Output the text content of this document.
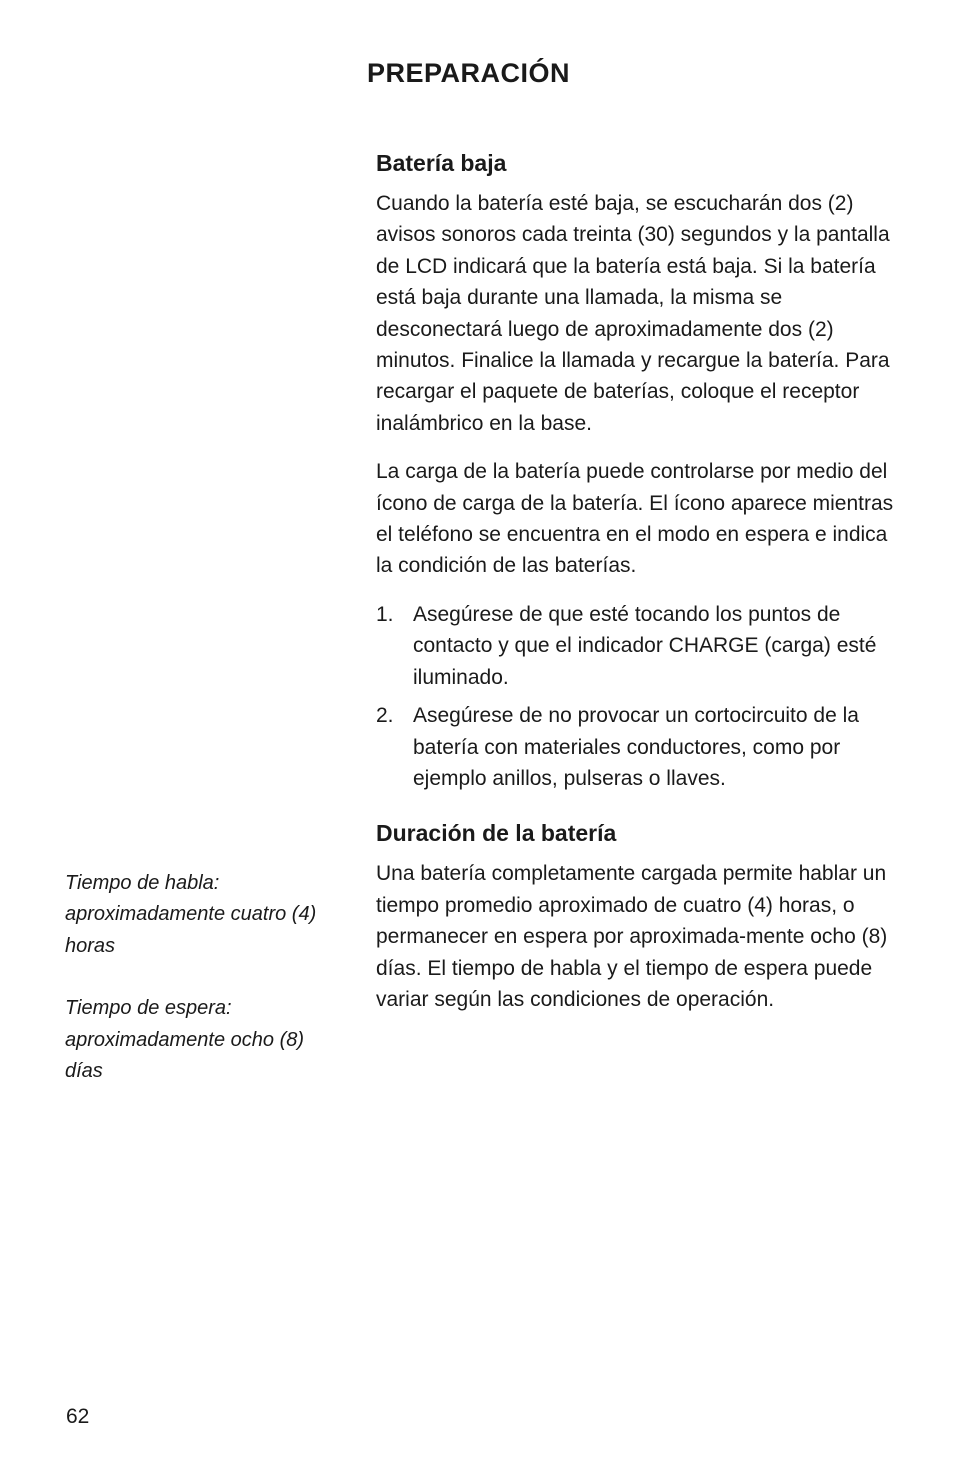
PREPARACIÓN
Batería baja

Cuando la batería esté baja, se escucharán dos (2) avisos sonoros cada treinta (30) segundos y la pantalla de LCD indicará que la batería está baja. Si la batería está baja durante una llamada, la misma se desconectará luego de aproximadamente dos (2) minutos. Finalice la llamada y recargue la batería. Para recargar el paquete de baterías, coloque el receptor inalámbrico en la base.

La carga de la batería puede controlarse por medio del ícono de carga de la batería. El ícono aparece mientras el teléfono se encuentra en el modo en espera e indica la condición de las baterías.

1. Asegúrese de que esté tocando los puntos de contacto y que el indicador CHARGE (carga) esté iluminado.
2. Asegúrese de no provocar un cortocircuito de la batería con materiales conductores, como por ejemplo anillos, pulseras o llaves.
Duración de la batería

Una batería completamente cargada permite hablar un tiempo promedio aproximado de cuatro (4) horas, o permanecer en espera por aproximada-mente ocho (8) días. El tiempo de habla y el tiempo de espera puede variar según las condiciones de operación.

Tiempo de habla: aproximadamente cuatro (4) horas

Tiempo de espera: aproximadamente ocho (8) días

62
